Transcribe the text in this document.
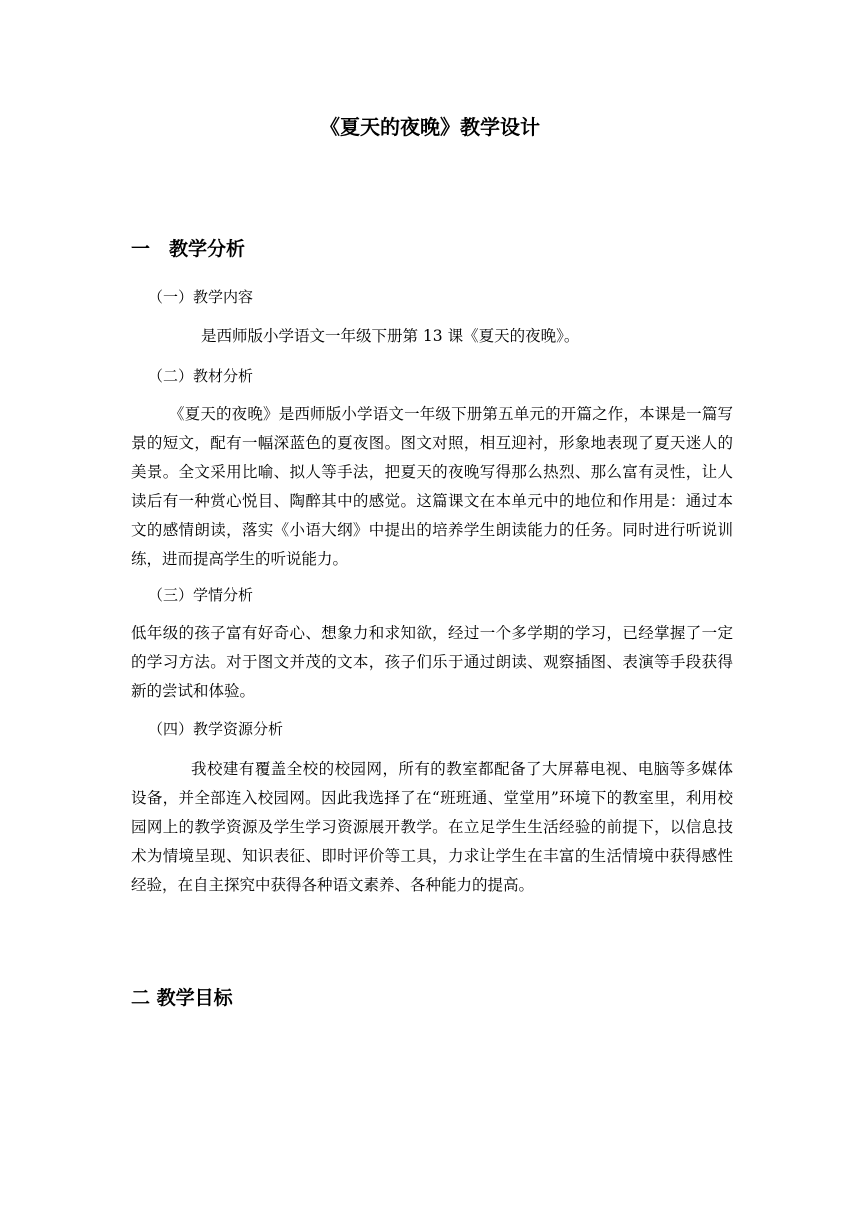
《夏天的夜晚》教学设计
一　教学分析
（一）教学内容
是西师版小学语文一年级下册第 13 课《夏天的夜晚》。
（二）教材分析
《夏天的夜晚》是西师版小学语文一年级下册第五单元的开篇之作，本课是一篇写景的短文，配有一幅深蓝色的夏夜图。图文对照，相互迎衬，形象地表现了夏天迷人的美景。全文采用比喻、拟人等手法，把夏天的夜晚写得那么热烈、那么富有灵性，让人读后有一种赏心悦目、陶醉其中的感觉。这篇课文在本单元中的地位和作用是：通过本文的感情朗读，落实《小语大纲》中提出的培养学生朗读能力的任务。同时进行听说训练，进而提高学生的听说能力。
（三）学情分析
低年级的孩子富有好奇心、想象力和求知欲，经过一个多学期的学习，已经掌握了一定的学习方法。对于图文并茂的文本，孩子们乐于通过朗读、观察插图、表演等手段获得新的尝试和体验。
（四）教学资源分析
我校建有覆盖全校的校园网，所有的教室都配备了大屏幕电视、电脑等多媒体设备，并全部连入校园网。因此我选择了在“班班通、堂堂用”环境下的教室里，利用校园网上的教学资源及学生学习资源展开教学。在立足学生生活经验的前提下，以信息技术为情境呈现、知识表征、即时评价等工具，力求让学生在丰富的生活情境中获得感性经验，在自主探究中获得各种语文素养、各种能力的提高。
二 教学目标
